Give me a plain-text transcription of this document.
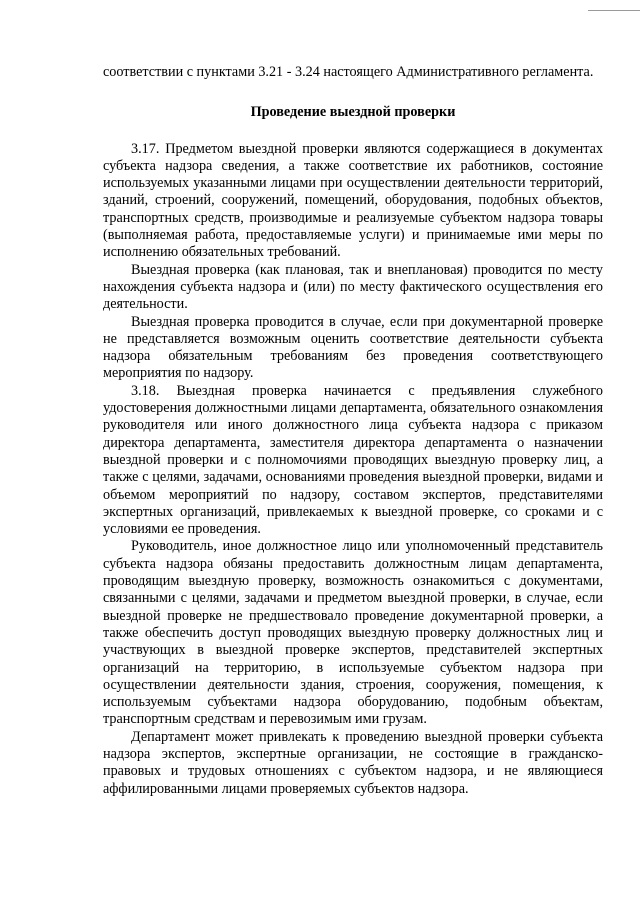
соответствии с пунктами 3.21 - 3.24 настоящего Административного регламента.

Проведение выездной проверки

3.17. Предметом выездной проверки являются содержащиеся в документах субъекта надзора сведения, а также соответствие их работников, состояние используемых указанными лицами при осуществлении деятельности территорий, зданий, строений, сооружений, помещений, оборудования, подобных объектов, транспортных средств, производимые и реализуемые субъектом надзора товары (выполняемая работа, предоставляемые услуги) и принимаемые ими меры по исполнению обязательных требований.

Выездная проверка (как плановая, так и внеплановая) проводится по месту нахождения субъекта надзора и (или) по месту фактического осуществления его деятельности.

Выездная проверка проводится в случае, если при документарной проверке не представляется возможным оценить соответствие деятельности субъекта надзора обязательным требованиям без проведения соответствующего мероприятия по надзору.

3.18. Выездная проверка начинается с предъявления служебного удостоверения должностными лицами департамента, обязательного ознакомления руководителя или иного должностного лица субъекта надзора с приказом директора департамента, заместителя директора департамента о назначении выездной проверки и с полномочиями проводящих выездную проверку лиц, а также с целями, задачами, основаниями проведения выездной проверки, видами и объемом мероприятий по надзору, составом экспертов, представителями экспертных организаций, привлекаемых к выездной проверке, со сроками и с условиями ее проведения.

Руководитель, иное должностное лицо или уполномоченный представитель субъекта надзора обязаны предоставить должностным лицам департамента, проводящим выездную проверку, возможность ознакомиться с документами, связанными с целями, задачами и предметом выездной проверки, в случае, если выездной проверке не предшествовало проведение документарной проверки, а также обеспечить доступ проводящих выездную проверку должностных лиц и участвующих в выездной проверке экспертов, представителей экспертных организаций на территорию, в используемые субъектом надзора при осуществлении деятельности здания, строения, сооружения, помещения, к используемым субъектами надзора оборудованию, подобным объектам, транспортным средствам и перевозимым ими грузам.

Департамент может привлекать к проведению выездной проверки субъекта надзора экспертов, экспертные организации, не состоящие в гражданско-правовых и трудовых отношениях с субъектом надзора, и не являющиеся аффилированными лицами проверяемых субъектов надзора.
